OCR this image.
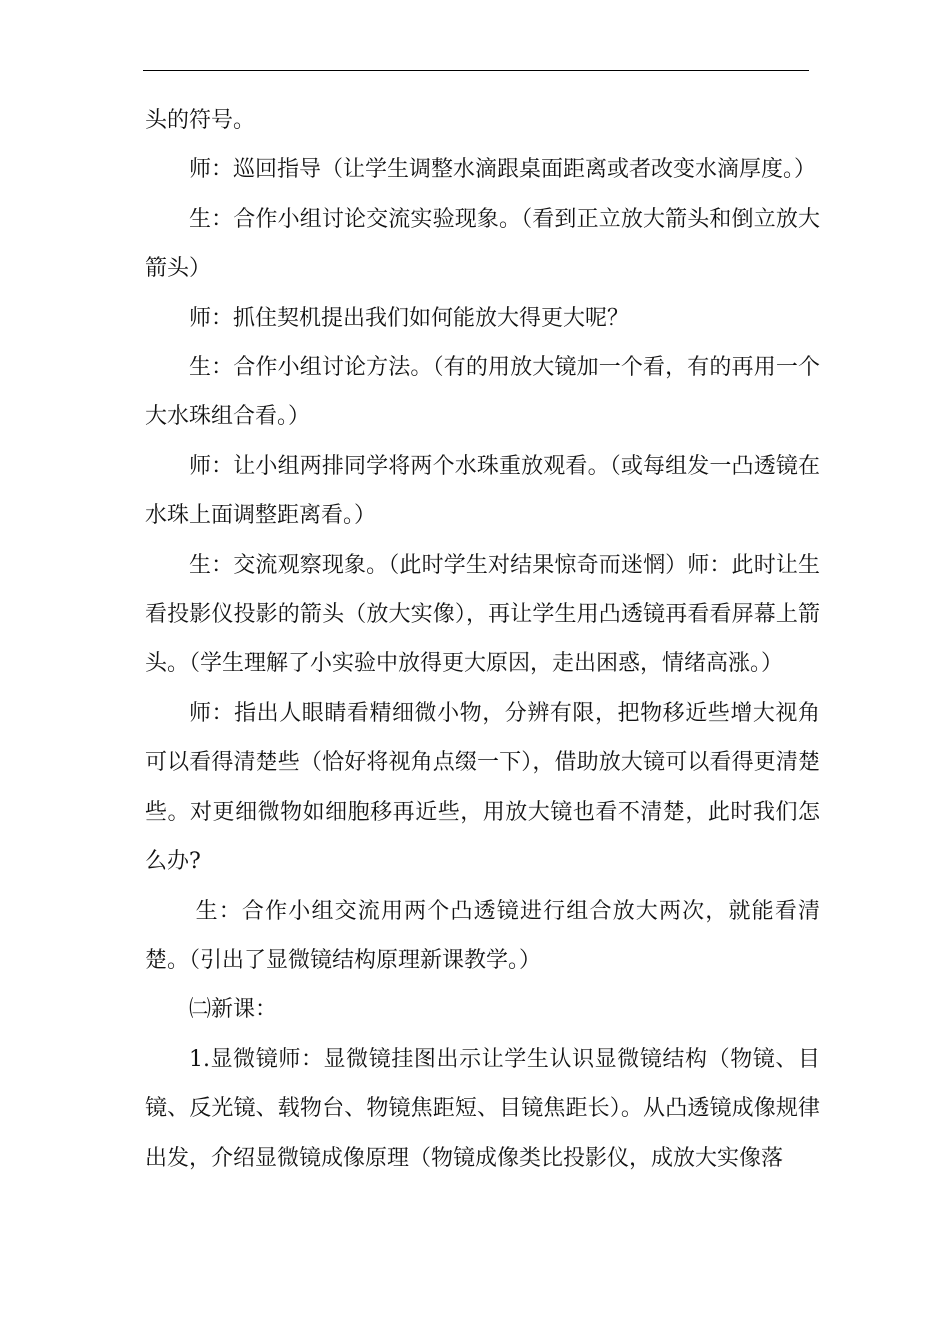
头的符号。

师：巡回指导（让学生调整水滴跟桌面距离或者改变水滴厚度。）

生：合作小组讨论交流实验现象。（看到正立放大箭头和倒立放大箭头）

师：抓住契机提出我们如何能放大得更大呢？

生：合作小组讨论方法。（有的用放大镜加一个看，有的再用一个大水珠组合看。）

师：让小组两排同学将两个水珠重放观看。（或每组发一凸透镜在水珠上面调整距离看。）

生：交流观察现象。（此时学生对结果惊奇而迷惘）师：此时让生看投影仪投影的箭头（放大实像），再让学生用凸透镜再看看屏幕上箭头。（学生理解了小实验中放得更大原因，走出困惑，情绪高涨。）

师：指出人眼睛看精细微小物，分辨有限，把物移近些增大视角可以看得清楚些（恰好将视角点缀一下），借助放大镜可以看得更清楚些。对更细微物如细胞移再近些，用放大镜也看不清楚，此时我们怎么办?

生：合作小组交流用两个凸透镜进行组合放大两次，就能看清楚。（引出了显微镜结构原理新课教学。）

㈡新课：

1.显微镜师：显微镜挂图出示让学生认识显微镜结构（物镜、目镜、反光镜、载物台、物镜焦距短、目镜焦距长）。从凸透镜成像规律出发，介绍显微镜成像原理（物镜成像类比投影仪，成放大实像落
